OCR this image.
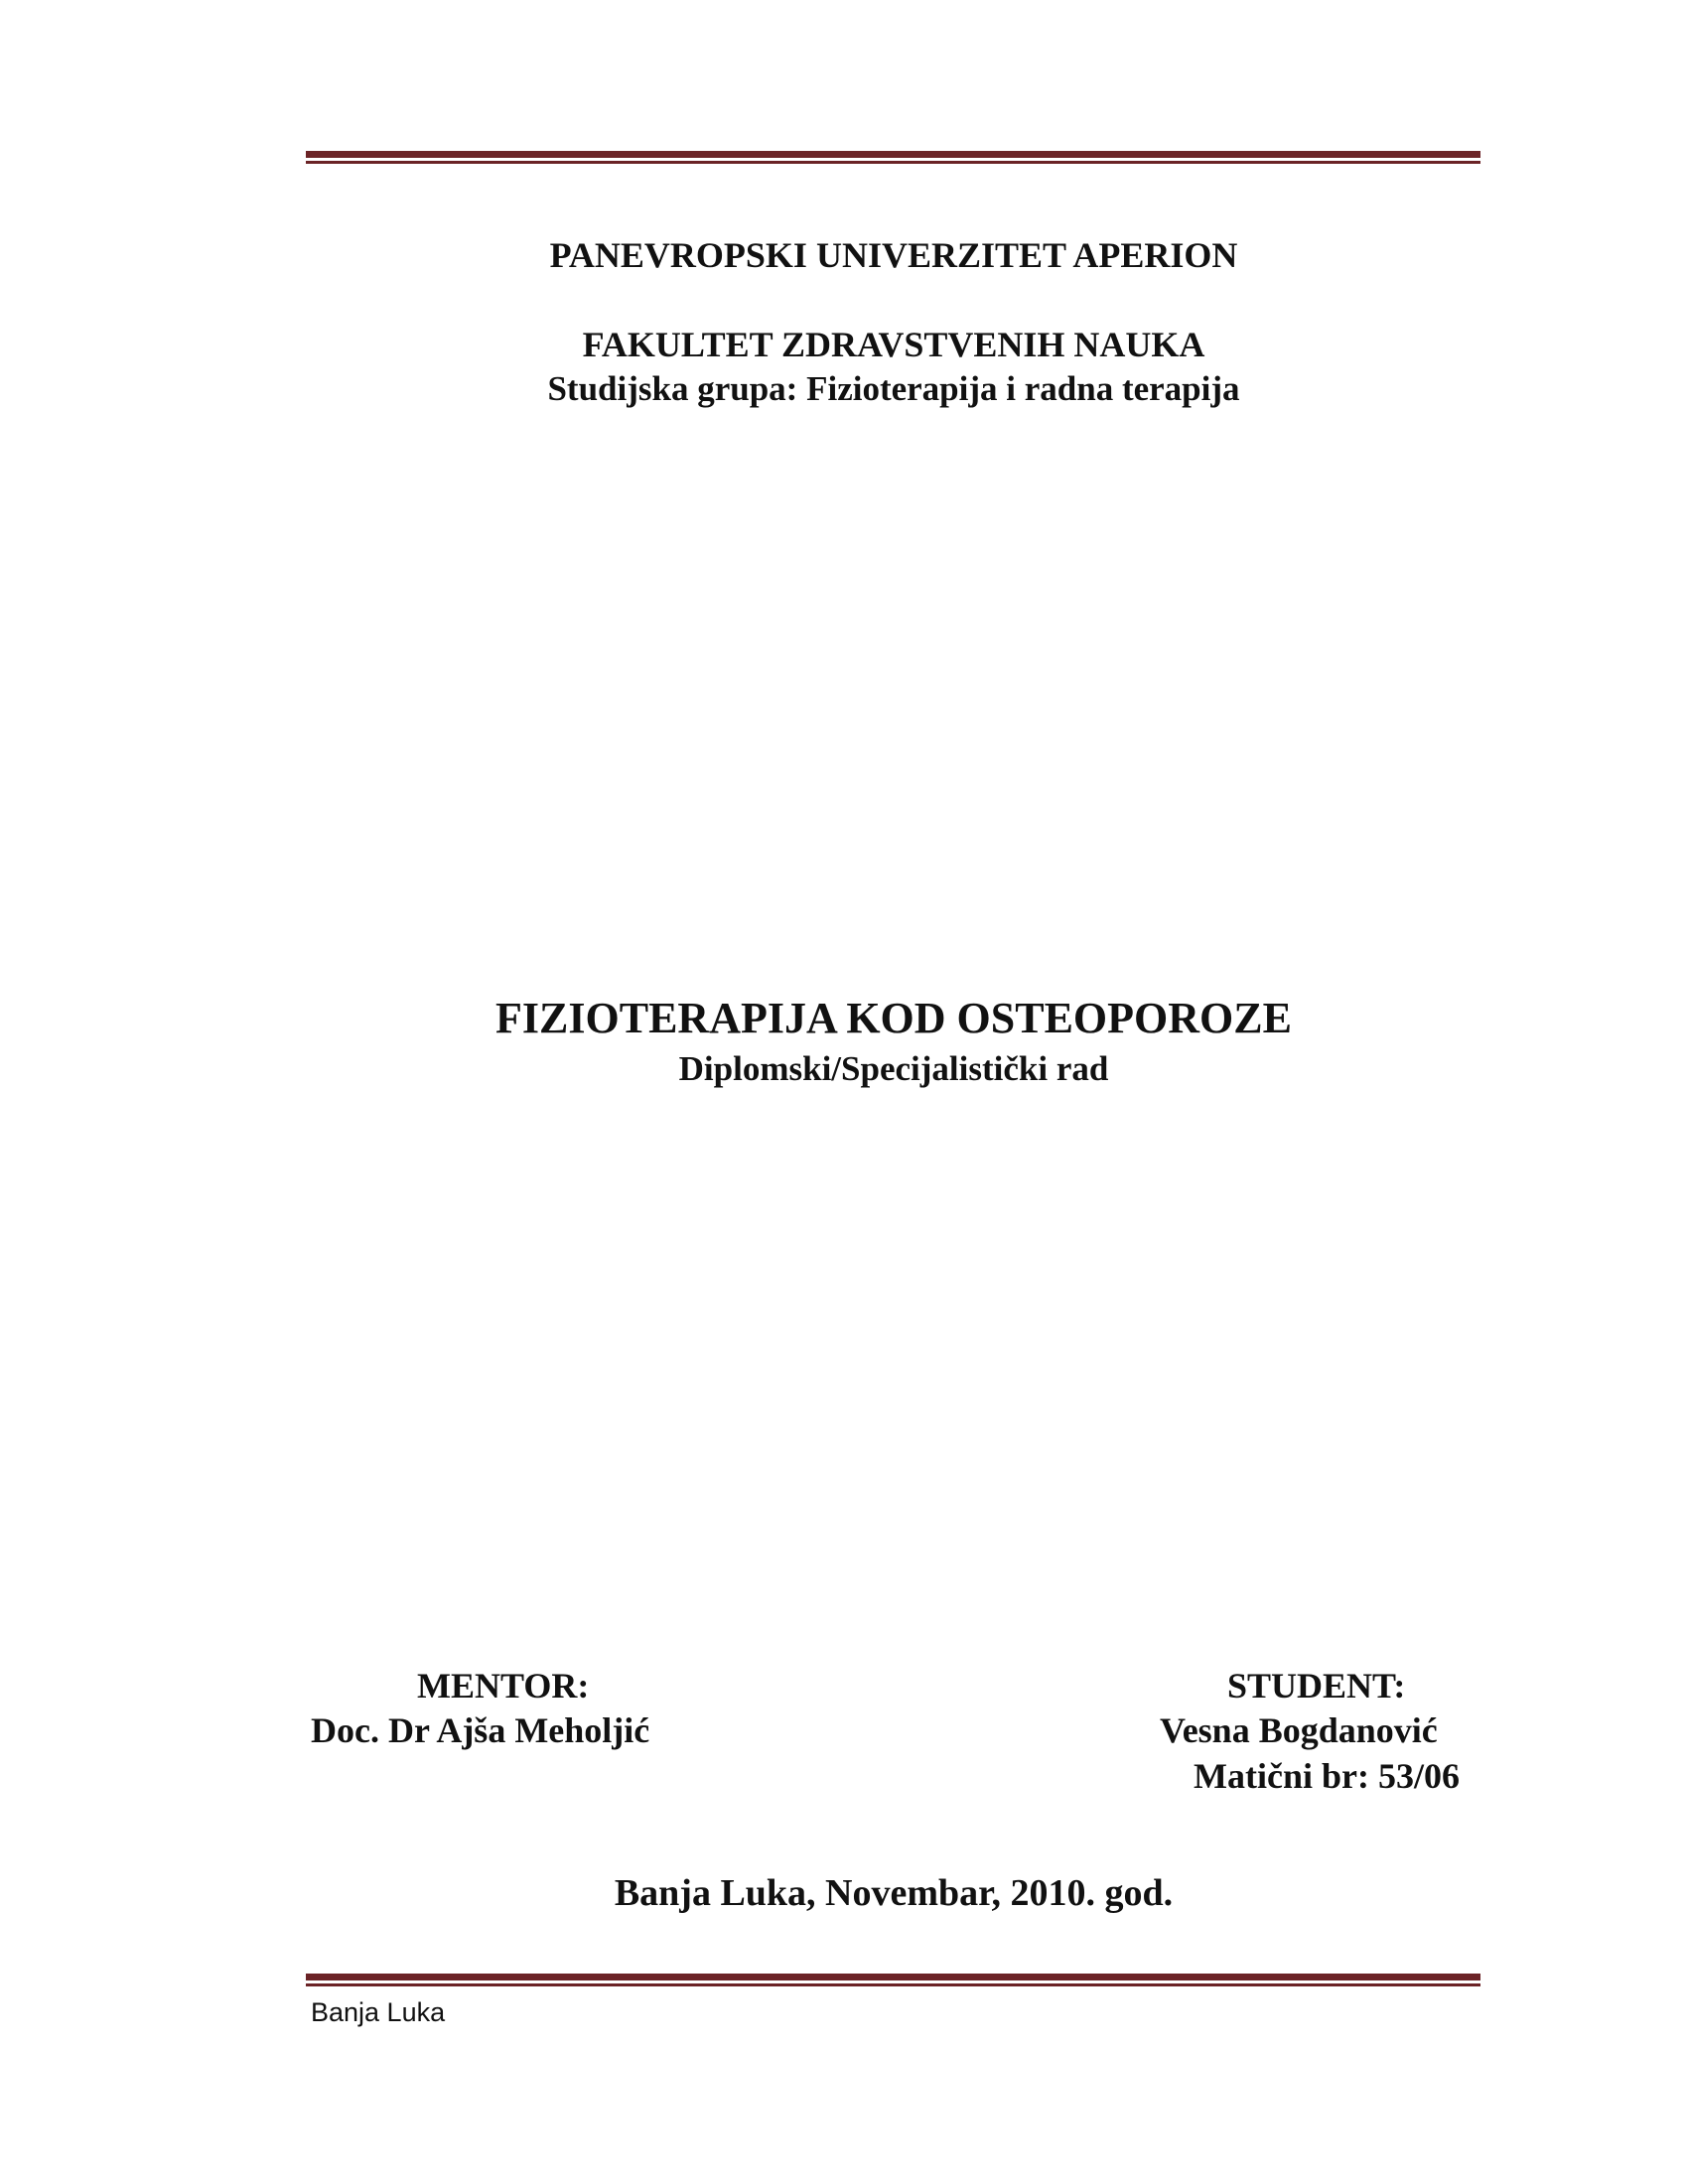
PANEVROPSKI UNIVERZITET APERION
FAKULTET ZDRAVSTVENIH NAUKA
Studijska grupa: Fizioterapija i radna terapija
FIZIOTERAPIJA KOD OSTEOPOROZE
Diplomski/Specijalistički rad
MENTOR:
Doc. Dr Ajša Meholjić
STUDENT:
Vesna Bogdanović
Matični br: 53/06
Banja Luka, Novembar, 2010. god.
Banja Luka
